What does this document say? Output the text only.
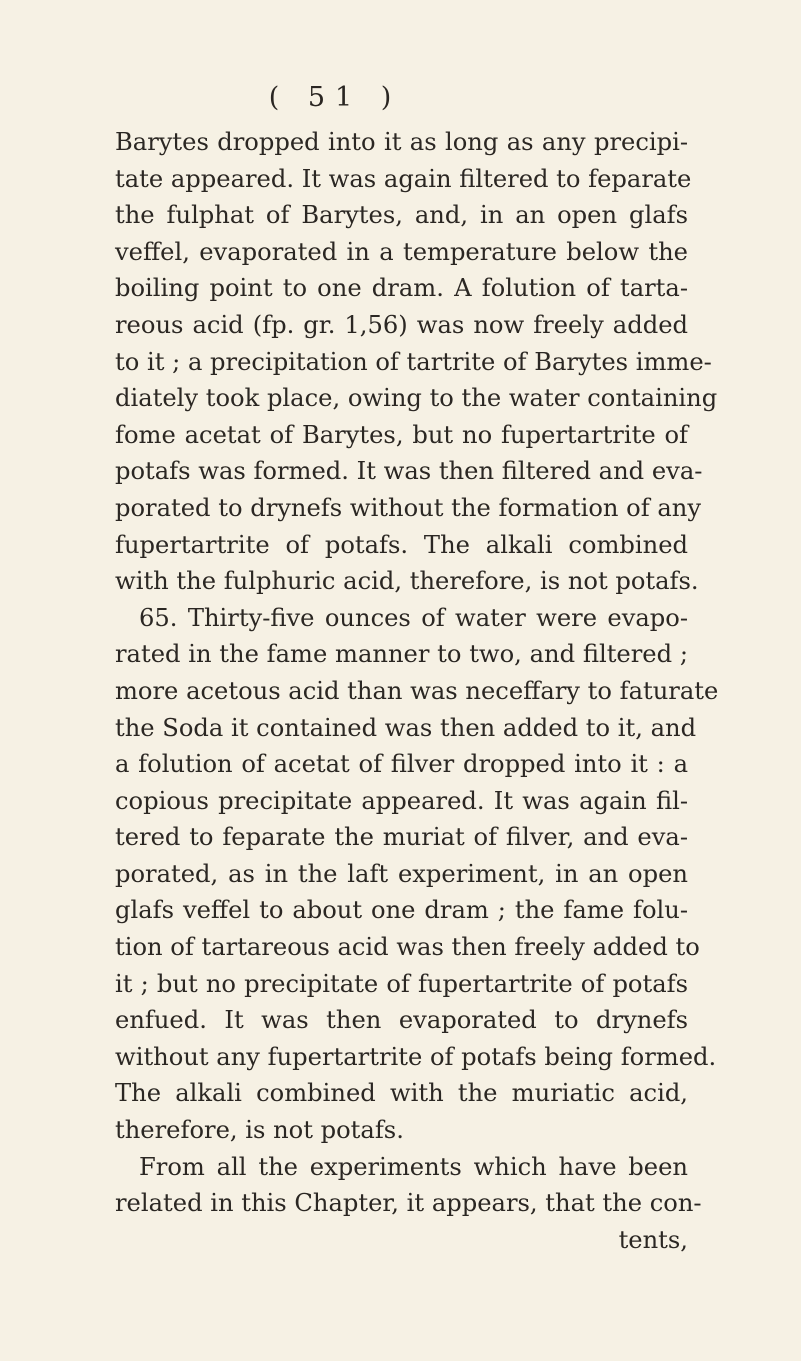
( 51 )
Barytes dropped into it as long as any precipi-
tate appeared. It was again filtered to feparate
the fulphat of Barytes, and, in an open glafs
veffel, evaporated in a temperature below the
boiling point to one dram. A folution of tarta-
reous acid (fp. gr. 1,56) was now freely added
to it ; a precipitation of tartrite of Barytes imme-
diately took place, owing to the water containing
fome acetat of Barytes, but no fupertartrite of
potafs was formed. It was then filtered and eva-
porated to drynefs without the formation of any
fupertartrite of potafs. The alkali combined
with the fulphuric acid, therefore, is not potafs.
65. Thirty-five ounces of water were evapo-
rated in the fame manner to two, and filtered ;
more acetous acid than was neceffary to faturate
the Soda it contained was then added to it, and
a folution of acetat of filver dropped into it : a
copious precipitate appeared. It was again fil-
tered to feparate the muriat of filver, and eva-
porated, as in the laft experiment, in an open
glafs veffel to about one dram ; the fame folu-
tion of tartareous acid was then freely added to
it ; but no precipitate of fupertartrite of potafs
enfued. It was then evaporated to drynefs
without any fupertartrite of potafs being formed.
The alkali combined with the muriatic acid,
therefore, is not potafs.
From all the experiments which have been
related in this Chapter, it appears, that the con-
tents,
